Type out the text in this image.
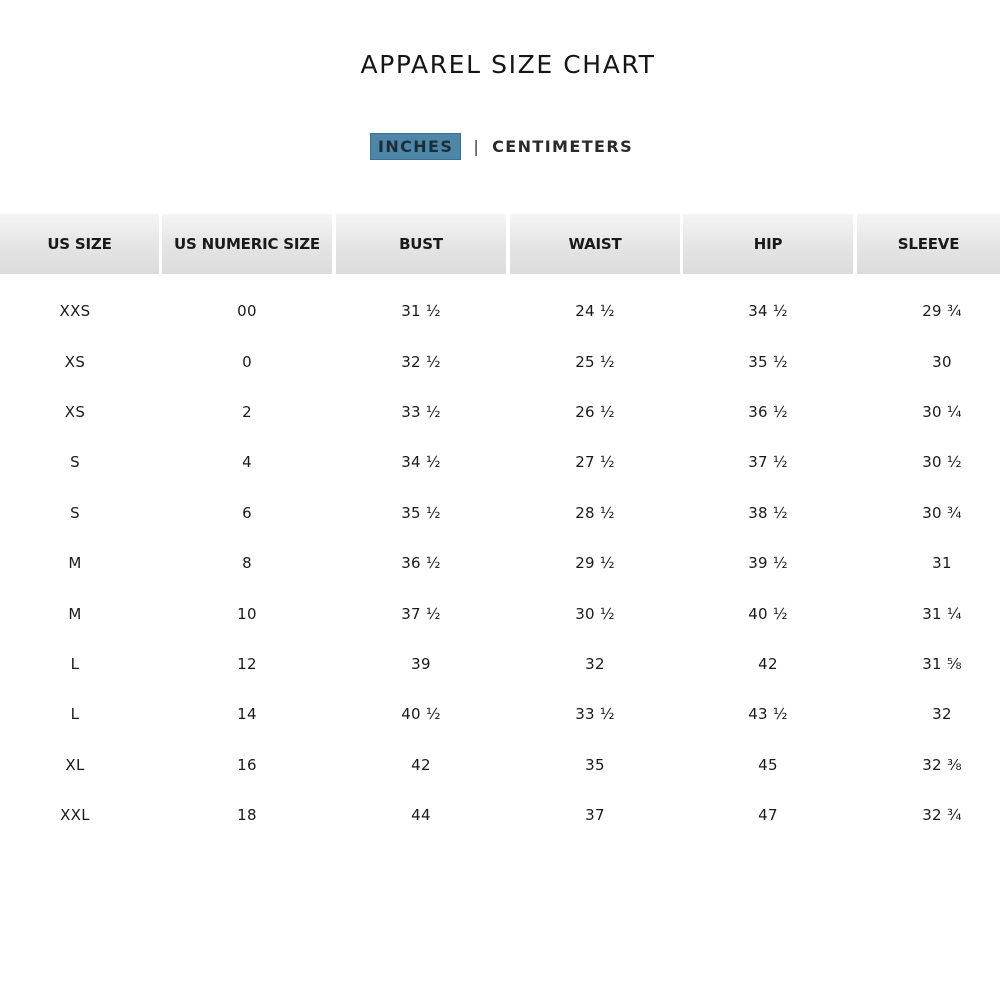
APPAREL SIZE CHART
INCHES	| CENTIMETERS
US SIZE	US NUMERIC SIZE	BUST	WAIST	HIP	SLEEVE
XXS	00	31 ½	24 ½	34 ½	29 ¾
XS	0	32 ½	25 ½	35 ½	30
XS	2	33 ½	26 ½	36 ½	30 ¼
S	4	34 ½	27 ½	37 ½	30 ½
S	6	35 ½	28 ½	38 ½	30 ¾
M	8	36 ½	29 ½	39 ½	31
M	10	37 ½	30 ½	40 ½	31 ¼
L	12	39	32	42	31 ⅝
L	14	40 ½	33 ½	43 ½	32
XL	16	42	35	45	32 ⅜
XXL	18	44	37	47	32 ¾
